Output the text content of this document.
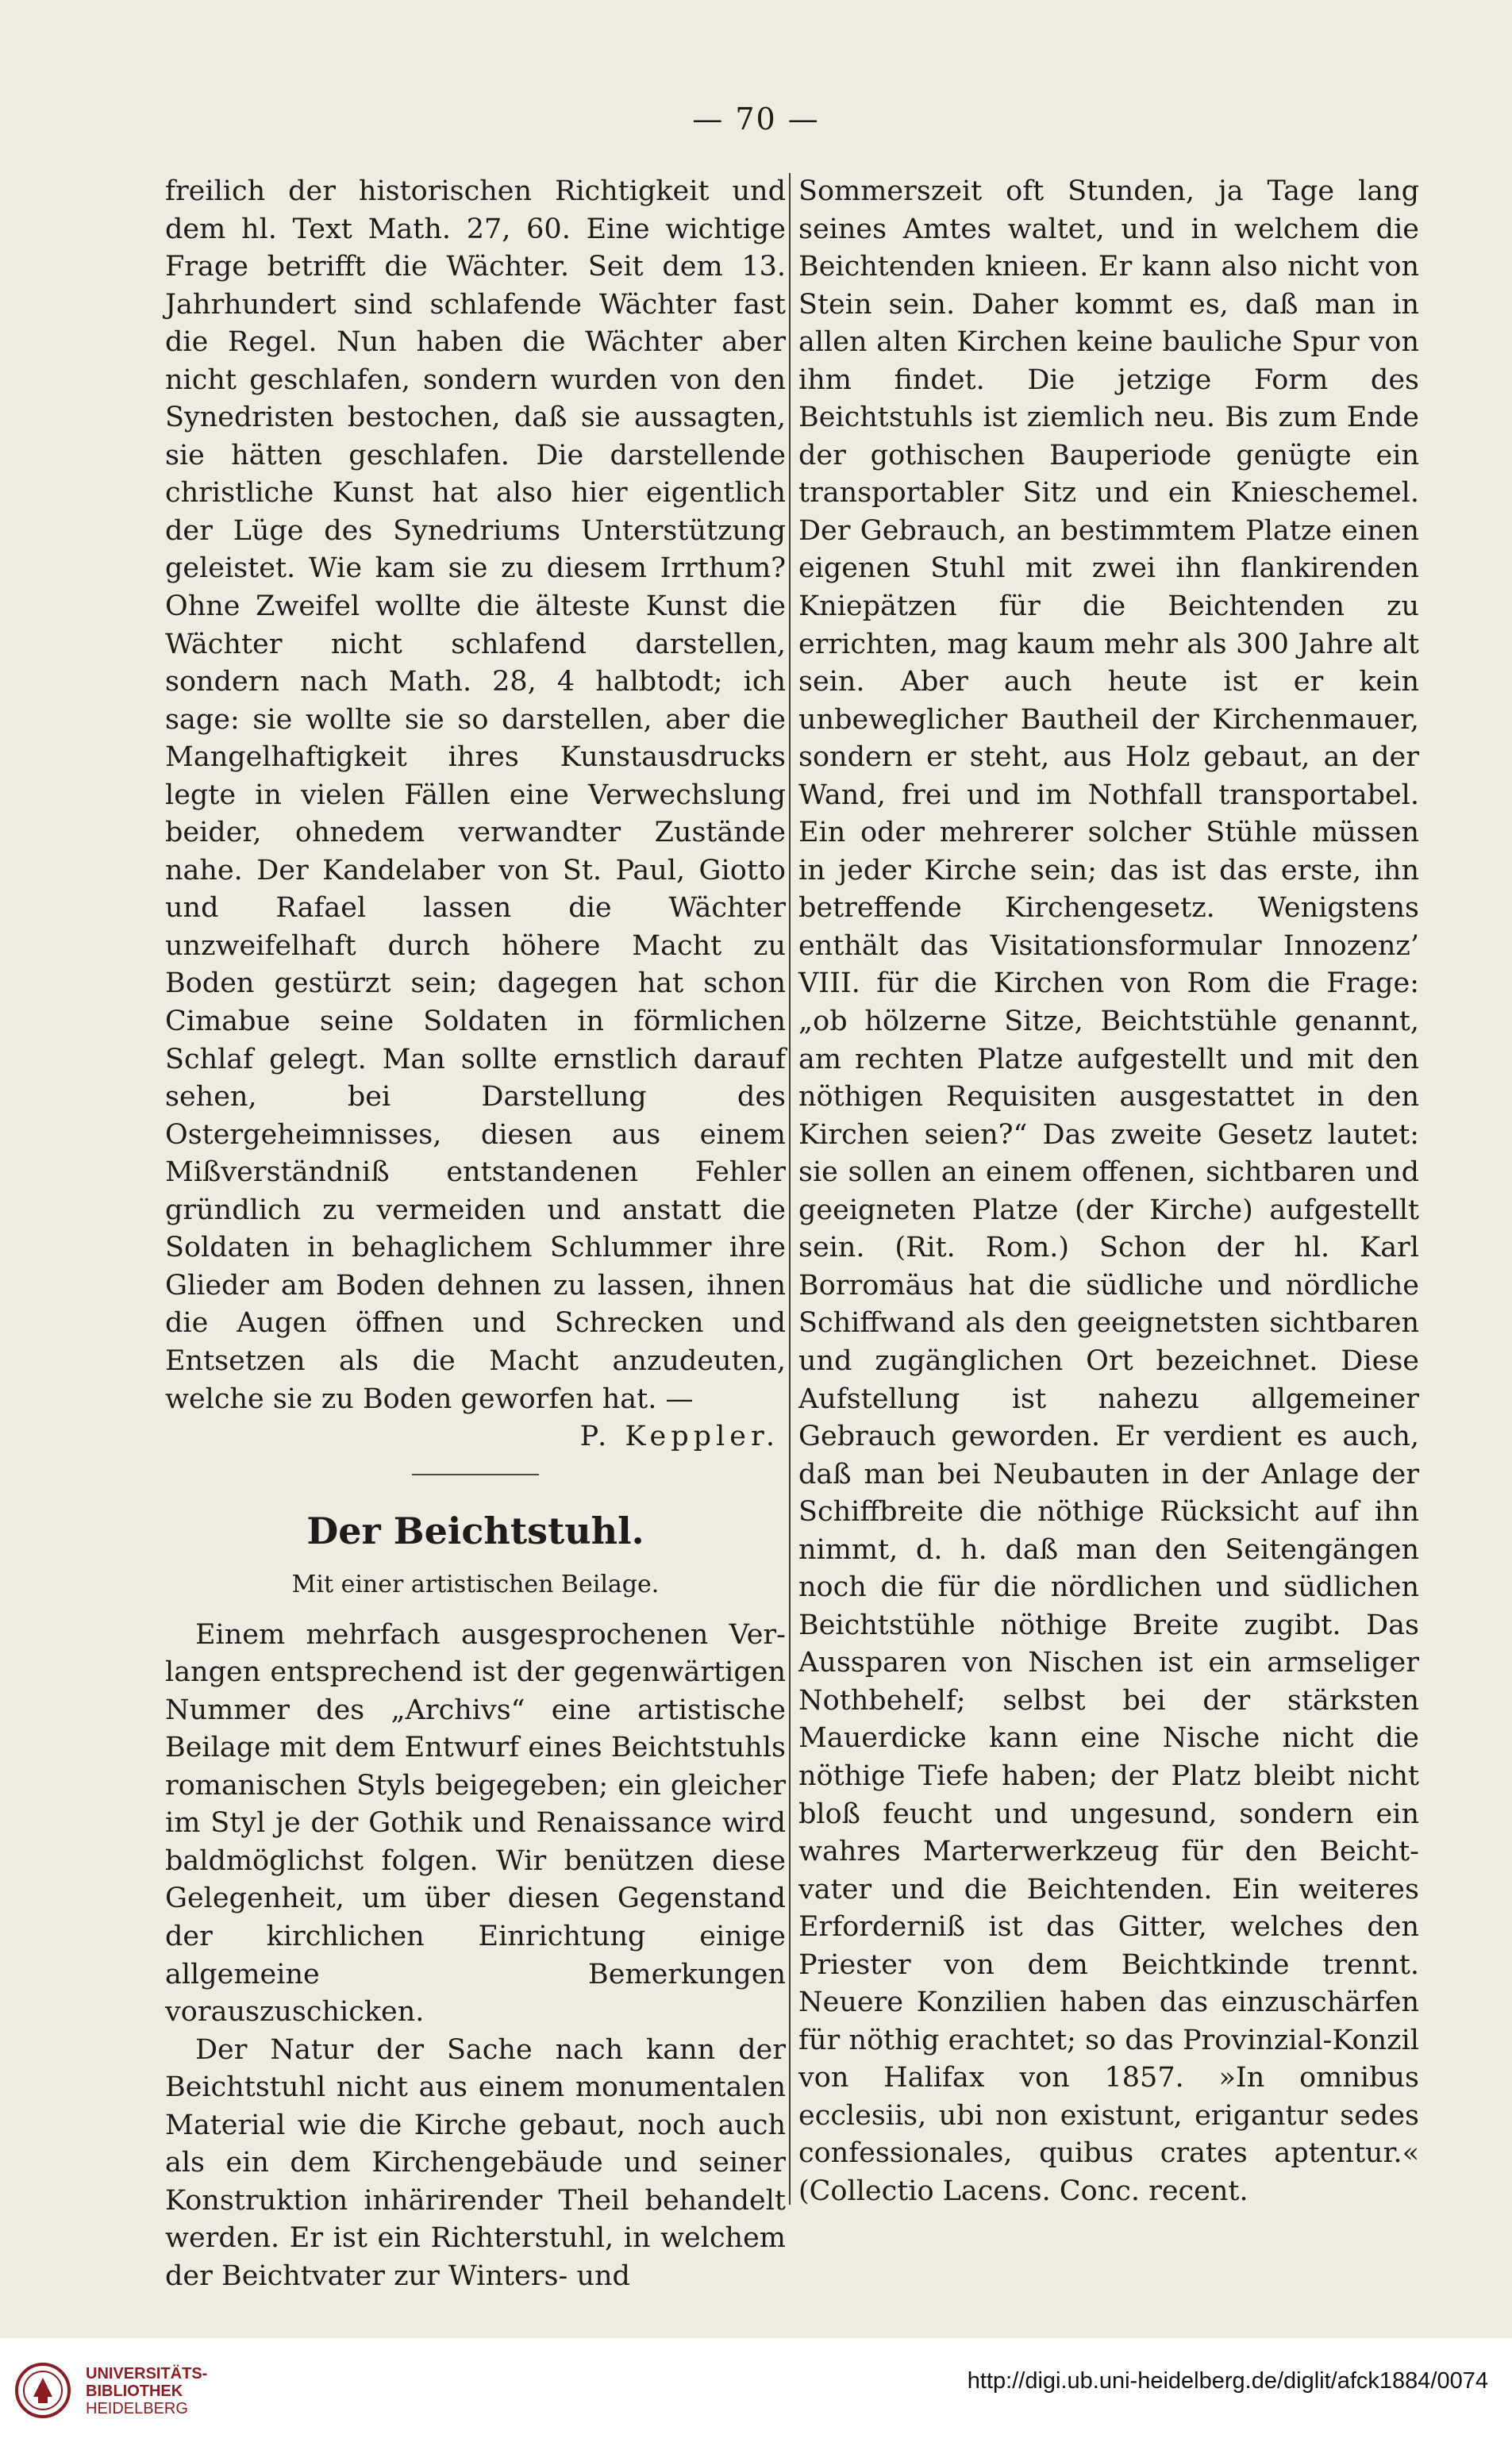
— 70 —

freilich der historischen Richtigkeit und dem hl. Text Math. 27, 60. Eine wichtige Frage betrifft die Wächter. Seit dem 13. Jahrhundert sind schlafende Wächter fast die Regel. Nun haben die Wächter aber nicht geschlafen, sondern wurden von den Synedristen bestochen, daß sie aussagten, sie hätten geschlafen. Die darstellende christliche Kunst hat also hier eigentlich der Lüge des Synedriums Unterstützung geleistet. Wie kam sie zu diesem Irrthum? Ohne Zweifel wollte die älteste Kunst die Wächter nicht schlafend darstellen, sondern nach Math. 28, 4 halbtodt; ich sage: sie wollte sie so darstellen, aber die Mangelhaftigkeit ihres Kunstausdrucks legte in vielen Fällen eine Verwechslung beider, ohnedem verwandter Zustände nahe. Der Kandelaber von St. Paul, Giotto und Rafael lassen die Wächter unzweifelhaft durch höhere Macht zu Boden gestürzt sein; dagegen hat schon Cimabue seine Soldaten in förmlichen Schlaf gelegt. Man sollte ernstlich darauf sehen, bei Darstellung des Ostergeheimnisses, diesen aus einem Mißverständniß entstandenen Fehler gründlich zu vermeiden und anstatt die Soldaten in behaglichem Schlummer ihre Glieder am Boden dehnen zu lassen, ihnen die Augen öffnen und Schrecken und Entsetzen als die Macht anzudeuten, welche sie zu Boden geworfen hat. —

P. Keppler.

Der Beichtstuhl.
Mit einer artistischen Beilage.

Einem mehrfach ausgesprochenen Verlangen entsprechend ist der gegenwärtigen Nummer des „Archivs“ eine artistische Beilage mit dem Entwurf eines Beichtstuhls romanischen Styls beigegeben; ein gleicher im Styl je der Gothik und Renaissance wird baldmöglichst folgen. Wir benützen diese Gelegenheit, um über diesen Gegenstand der kirchlichen Einrichtung einige allgemeine Bemerkungen vorauszuschicken.

Der Natur der Sache nach kann der Beichtstuhl nicht aus einem monumentalen Material wie die Kirche gebaut, noch auch als ein dem Kirchengebäude und seiner Konstruktion inhärirender Theil behandelt werden. Er ist ein Richterstuhl, in welchem der Beichtvater zur Winters- und

Sommerszeit oft Stunden, ja Tage lang seines Amtes waltet, und in welchem die Beichtenden knieen. Er kann also nicht von Stein sein. Daher kommt es, daß man in allen alten Kirchen keine bauliche Spur von ihm findet. Die jetzige Form des Beichtstuhls ist ziemlich neu. Bis zum Ende der gothischen Bauperiode genügte ein transportabler Sitz und ein Knieschemel. Der Gebrauch, an bestimmtem Platze einen eigenen Stuhl mit zwei ihn flankirenden Kniepätzen für die Beichtenden zu errichten, mag kaum mehr als 300 Jahre alt sein. Aber auch heute ist er kein unbeweglicher Bautheil der Kirchenmauer, sondern er steht, aus Holz gebaut, an der Wand, frei und im Nothfall transportabel. Ein oder mehrerer solcher Stühle müssen in jeder Kirche sein; das ist das erste, ihn betreffende Kirchengesetz. Wenigstens enthält das Visitationsformular Innozenz’ VIII. für die Kirchen von Rom die Frage: „ob hölzerne Sitze, Beichtstühle genannt, am rechten Platze aufgestellt und mit den nöthigen Requisiten ausgestattet in den Kirchen seien?“ Das zweite Gesetz lautet: sie sollen an einem offenen, sichtbaren und geeigneten Platze (der Kirche) aufgestellt sein. (Rit. Rom.) Schon der hl. Karl Borromäus hat die südliche und nördliche Schiffwand als den geeignetsten sichtbaren und zugänglichen Ort bezeichnet. Diese Aufstellung ist nahezu allgemeiner Gebrauch geworden. Er verdient es auch, daß man bei Neubauten in der Anlage der Schiffbreite die nöthige Rücksicht auf ihn nimmt, d. h. daß man den Seitengängen noch die für die nördlichen und südlichen Beichtstühle nöthige Breite zugibt. Das Aussparen von Nischen ist ein armseliger Nothbehelf; selbst bei der stärksten Mauerdicke kann eine Nische nicht die nöthige Tiefe haben; der Platz bleibt nicht bloß feucht und ungesund, sondern ein wahres Marterwerkzeug für den Beichtvater und die Beichtenden. Ein weiteres Erforderniß ist das Gitter, welches den Priester von dem Beichtkinde trennt. Neuere Konzilien haben das einzuschärfen für nöthig erachtet; so das Provinzial-Konzil von Halifax von 1857. »In omnibus ecclesiis, ubi non existunt, erigantur sedes confessionales, quibus crates aptentur.« (Collectio Lacens. Conc. recent.

UNIVERSITÄTS-
BIBLIOTHEK
HEIDELBERG
http://digi.ub.uni-heidelberg.de/diglit/afck1884/0074
